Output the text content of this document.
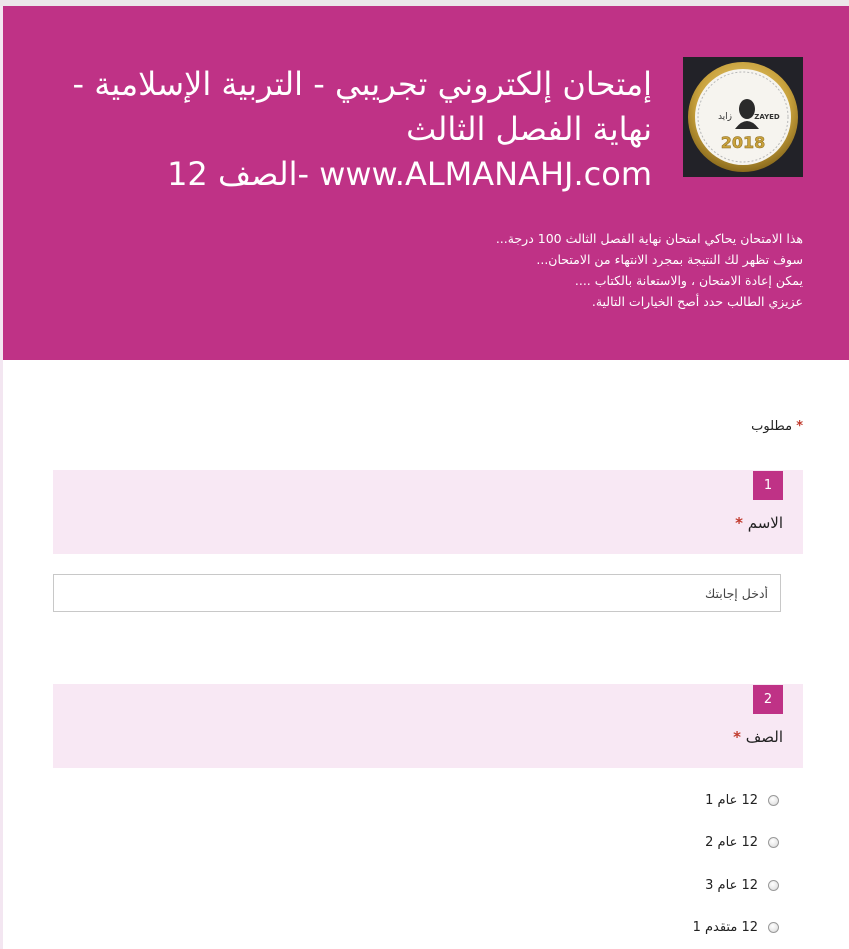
ZAYED
زايد
2018
إمتحان إلكتروني تجريبي - التربية الإسلامية -
نهاية الفصل الثالث
www.ALMANAHJ.com -الصف 12
هذا الامتحان يحاكي امتحان نهاية الفصل الثالث 100 درجة...
سوف تظهر لك النتيجة بمجرد الانتهاء من الامتحان...
يمكن إعادة الامتحان ، والاستعانة بالكتاب ....
عزيزي الطالب حدد أصح الخيارات التالية.
* مطلوب
1
الاسم *
أدخل إجابتك
2
الصف *
12 عام 1
12 عام 2
12 عام 3
12 متقدم 1
